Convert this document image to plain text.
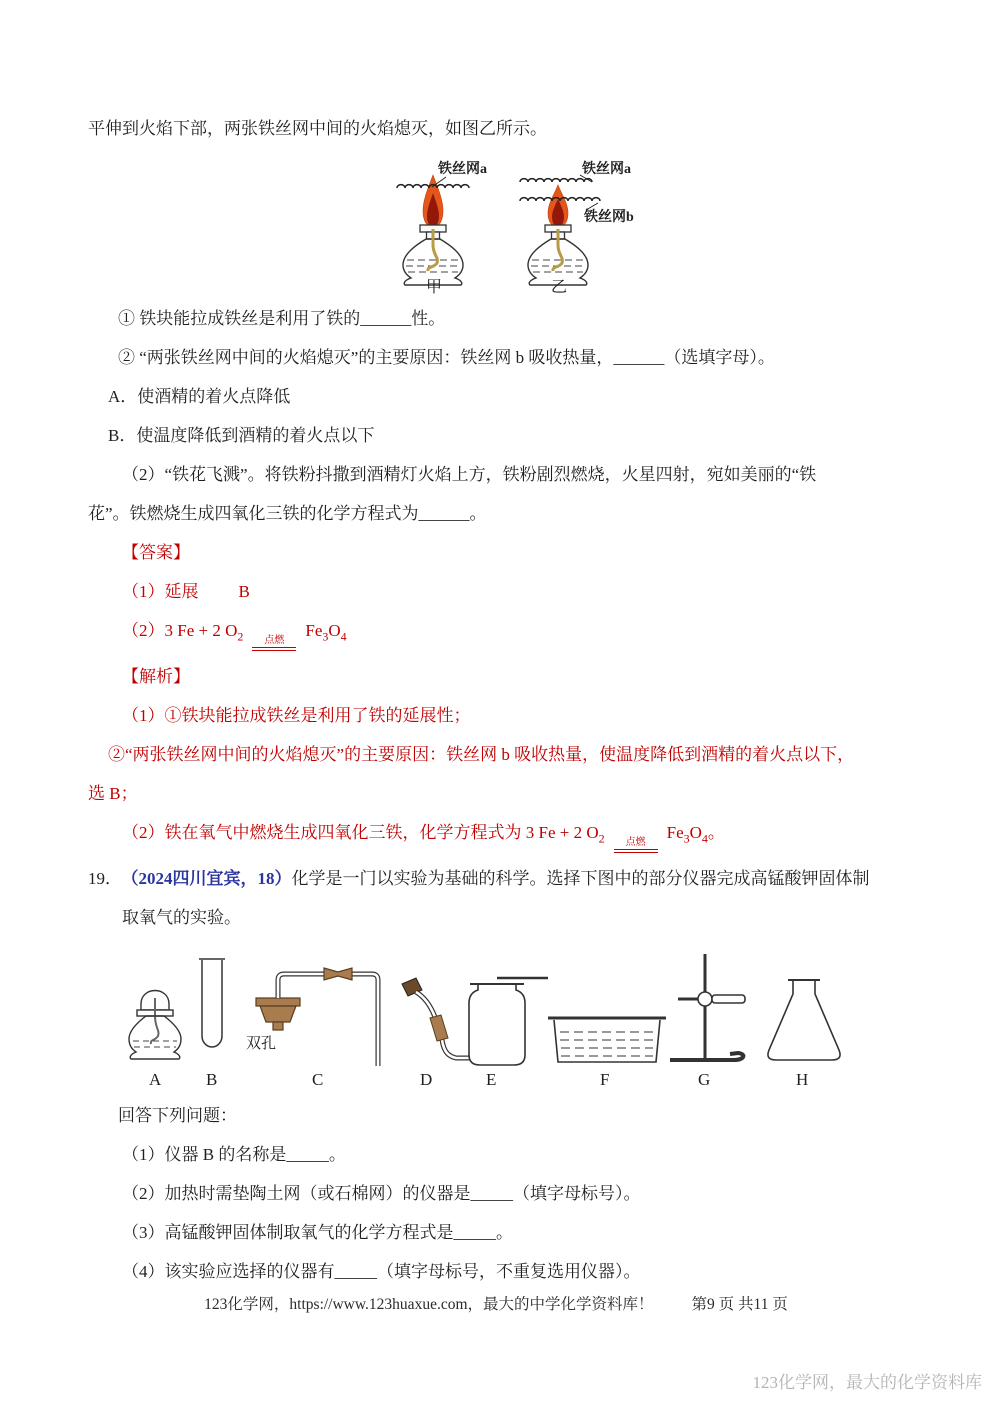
平伸到火焰下部，两张铁丝网中间的火焰熄灭，如图乙所示。

铁丝网a
甲
铁丝网a
铁丝网b
乙

① 铁块能拉成铁丝是利用了铁的______性。

② “两张铁丝网中间的火焰熄灭”的主要原因：铁丝网 b 吸收热量，______（选填字母）。

A．使酒精的着火点降低

B．使温度降低到酒精的着火点以下

（2）“铁花飞溅”。将铁粉抖撒到酒精灯火焰上方，铁粉剧烈燃烧，火星四射，宛如美丽的“铁

花”。铁燃烧生成四氧化三铁的化学方程式为______。

【答案】

（1）延展 B

（2）3 Fe + 2 $O_2$ 点燃
$Fe_3O_4$

【解析】

（1）①铁块能拉成铁丝是利用了铁的延展性；

②“两张铁丝网中间的火焰熄灭”的主要原因：铁丝网 b 吸收热量，使温度降低到酒精的着火点以下，

选 B；

（2）铁在氧气中燃烧生成四氧化三铁，化学方程式为 3 Fe + 2 $O_2$ 点燃
$Fe_3O_4$。

19． （2024四川宜宾，18）化学是一门以实验为基础的科学。选择下图中的部分仪器完成高锰酸钾固体制

取氧气的实验。

双孔
A	B	C	D	E	F	G	H

回答下列问题：

（1）仪器 B 的名称是_____。

（2）加热时需垫陶土网（或石棉网）的仪器是_____（填字母标号）。

（3）高锰酸钾固体制取氧气的化学方程式是_____。

（4）该实验应选择的仪器有_____（填字母标号，不重复选用仪器）。

123化学网，https://www.123huaxue.com，最大的中学化学资料库！ 第9 页 共11 页
123化学网，最大的化学资料库
